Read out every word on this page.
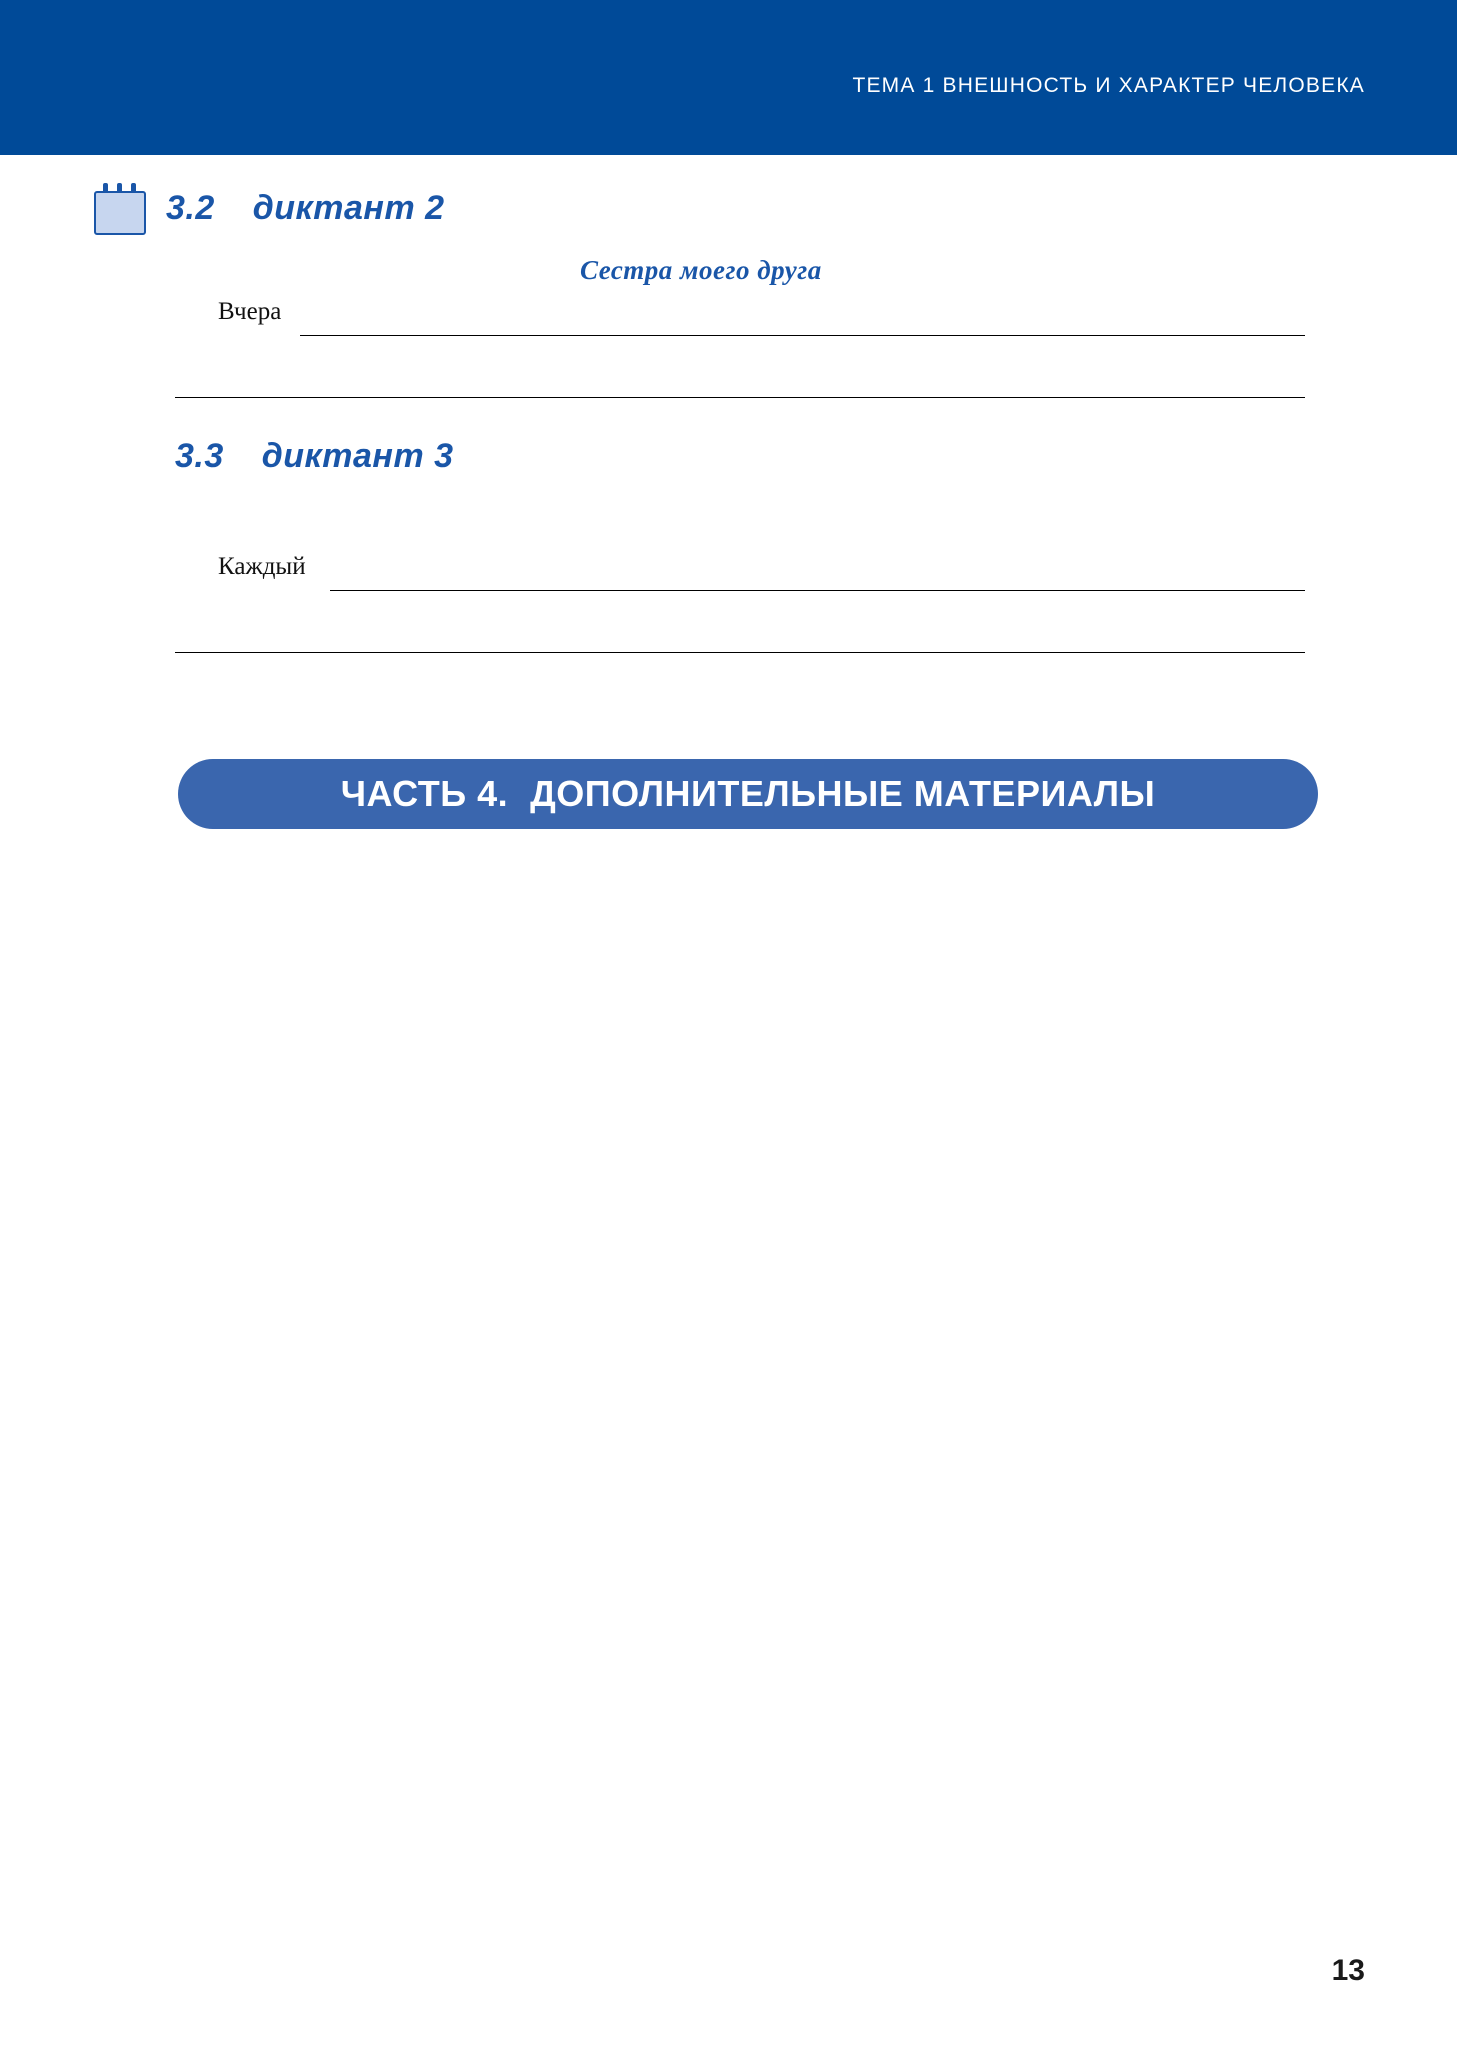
ТЕМА 1 ВНЕШНОСТЬ И ХАРАКТЕР ЧЕЛОВЕКА
3.2 диктант 2
Сестра моего друга
Вчера
3.3 диктант 3
Каждый
ЧАСТЬ 4. ДОПОЛНИТЕЛЬНЫЕ МАТЕРИАЛЫ
13
